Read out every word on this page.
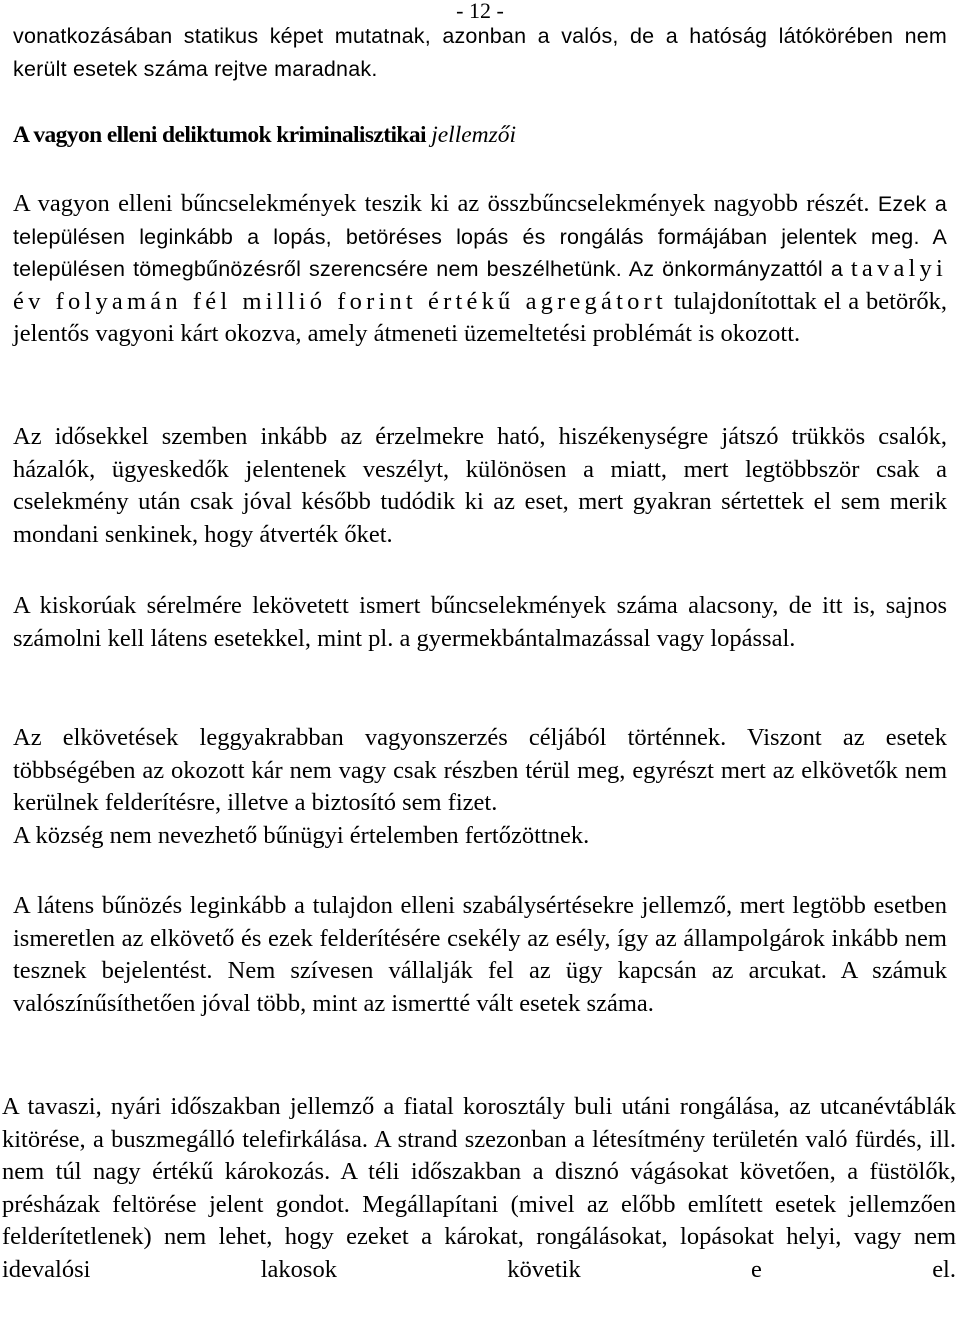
- 12 -
vonatkozásában statikus képet mutatnak, azonban a valós, de a hatóság látókörében nem került esetek száma rejtve maradnak.
A vagyon elleni deliktumok kriminalisztikai jellemzői
A vagyon elleni bűncselekmények teszik ki az összbűncselekmények nagyobb részét. Ezek a településen leginkább a lopás, betöréses lopás és rongálás formájában jelentek meg. A településen tömegbűnözésről szerencsére nem beszélhetünk. Az önkormányzattól a tavalyi év folyamán fél millió forint értékű agregátort tulajdonítottak el a betörők, jelentős vagyoni kárt okozva, amely átmeneti üzemeltetési problémát is okozott.
Az idősekkel szemben inkább az érzelmekre ható, hiszékenységre játszó trükkös csalók, házalók, ügyeskedők jelentenek veszélyt, különösen a miatt, mert legtöbbször csak a cselekmény után csak jóval később tudódik ki az eset, mert gyakran sértettek el sem merik mondani senkinek, hogy átverték őket.
A kiskorúak sérelmére lekövetett ismert bűncselekmények száma alacsony, de itt is, sajnos számolni kell látens esetekkel, mint pl. a gyermekbántalmazással vagy lopással.
Az elkövetések leggyakrabban vagyonszerzés céljából történnek. Viszont az esetek többségében az okozott kár nem vagy csak részben térül meg, egyrészt mert az elkövetők nem kerülnek felderítésre, illetve a biztosító sem fizet.
A község nem nevezhető bűnügyi értelemben fertőzöttnek.
A látens bűnözés leginkább a tulajdon elleni szabálysértésekre jellemző, mert legtöbb esetben ismeretlen az elkövető és ezek felderítésére csekély az esély, így az állampolgárok inkább nem tesznek bejelentést. Nem szívesen vállalják fel az ügy kapcsán az arcukat. A számuk valószínűsíthetően jóval több, mint az ismertté vált esetek száma.
A tavaszi, nyári időszakban jellemző a fiatal korosztály buli utáni rongálása, az utcanévtáblák kitörése, a buszmegálló telefirkálása. A strand szezonban a létesítmény területén való fürdés, ill. nem túl nagy értékű károkozás. A téli időszakban a disznó vágásokat követően, a füstölők, présházak feltörése jelent gondot. Megállapítani (mivel az előbb említett esetek jellemzően felderítetlenek) nem lehet, hogy ezeket a károkat, rongálásokat, lopásokat helyi, vagy nem idevalósi lakosok követik e el.
